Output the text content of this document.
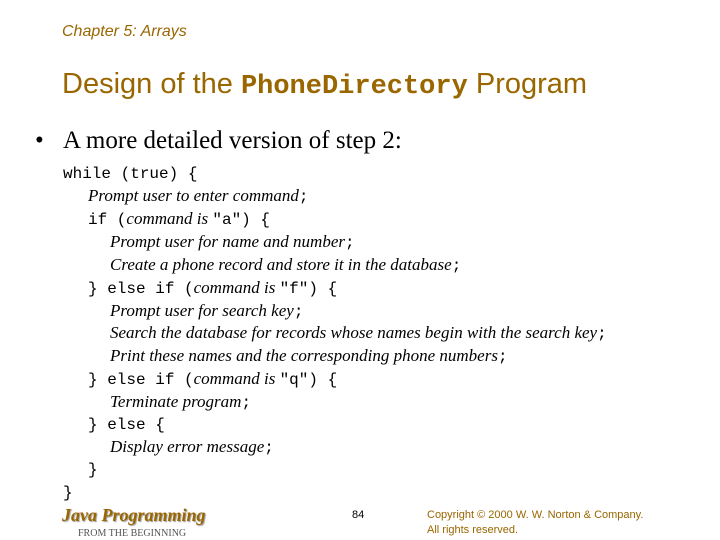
Chapter 5: Arrays
Design of the PhoneDirectory Program
• A more detailed version of step 2:
while (true) {
Prompt user to enter command;
if (command is "a") {
Prompt user for name and number;
Create a phone record and store it in the database;
} else if (command is "f") {
Prompt user for search key;
Search the database for records whose names begin with the search key;
Print these names and the corresponding phone numbers;
} else if (command is "q") {
Terminate program;
} else {
Display error message;
}
}
Java Programming
FROM THE BEGINNING
84	Copyright © 2000 W. W. Norton & Company.
All rights reserved.
